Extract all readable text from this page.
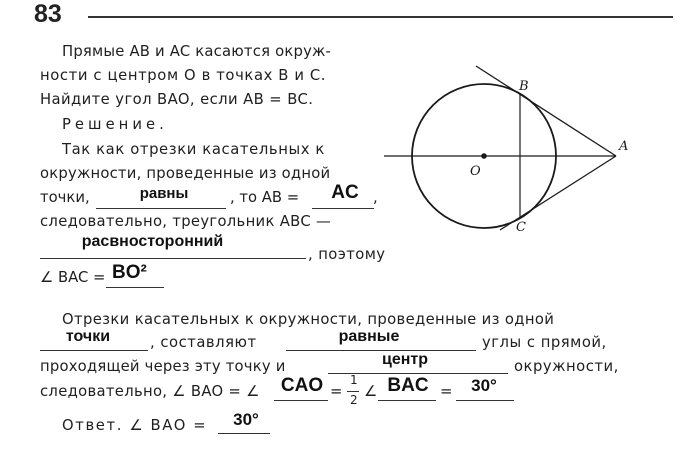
83
Прямые AB и AC касаются окруж-
ности с центром O в точках B и C.
Найдите угол BAO, если AB = BC.
Решение.
Так как отрезки касательных к
окружности, проведенные из одной
точки,	равны	, то AB =	AC ,
следовательно, треугольник ABC —
расвносторонний
, поэтому
∠ BAC = BO²
Отрезки касательных к окружности, проведенные из одной
точки	, составляют	равные	углы с прямой,
проходящей через эту точку и	центр	окружности,
следовательно, ∠ BAO = ∠ CAO =
1
2 ∠ BAC =	30°
Ответ. ∠ BAO =	30°
A
B
C
O
